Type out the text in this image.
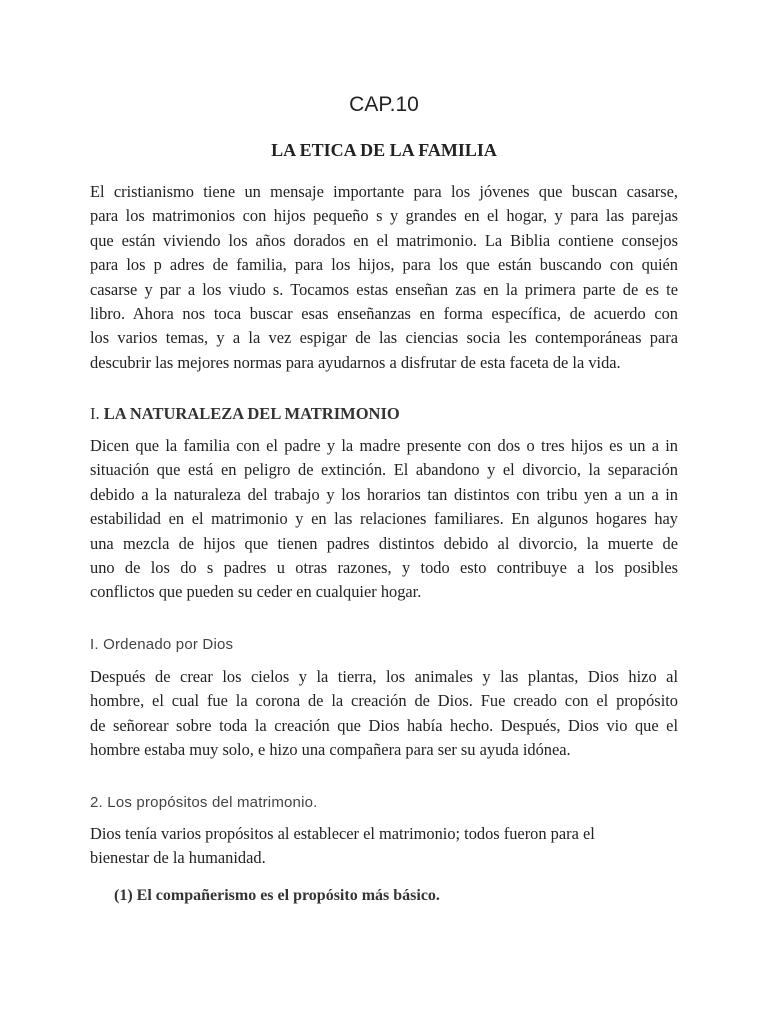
CAP.10
LA ETICA DE LA FAMILIA

El cristianismo tiene un mensaje importante para los jóvenes que buscan casarse,
para los matrimonios con hijos pequeño s y grandes en el hogar, y para las parejas
que están viviendo los años dorados en el matrimonio. La Biblia contiene consejos
para los p adres de familia, para los hijos, para los que están buscando con quién
casarse y par a los viudo s. Tocamos estas enseñan zas en la primera parte de es te
libro. Ahora nos toca buscar esas enseñanzas en forma específica, de acuerdo con
los varios temas, y a la vez espigar de las ciencias socia les contemporáneas para
descubrir las mejores normas para ayudarnos a disfrutar de esta faceta de la vida.

I. LA NATURALEZA DEL MATRIMONIO

Dicen que la familia con el padre y la madre presente con dos o tres hijos es un a in
situación que está en peligro de extinción. El abandono y el divorcio, la separación
debido a la naturaleza del trabajo y los horarios tan distintos con tribu yen a un a in
estabilidad en el matrimonio y en las relaciones familiares. En algunos hogares hay
una mezcla de hijos que tienen padres distintos debido al divorcio, la muerte de
uno de los do s padres u otras razones, y todo esto contribuye a los posibles
conflictos que pueden su ceder en cualquier hogar.

I. Ordenado por Dios

Después de crear los cielos y la tierra, los animales y las plantas, Dios hizo al
hombre, el cual fue la corona de la creación de Dios. Fue creado con el propósito
de señorear sobre toda la creación que Dios había hecho. Después, Dios vio que el
hombre estaba muy solo, e hizo una compañera para ser su ayuda idónea.

2. Los propósitos del matrimonio.

Dios tenía varios propósitos al establecer el matrimonio; todos fueron para el
bienestar de la humanidad.

(1) El compañerismo es el propósito más básico.
